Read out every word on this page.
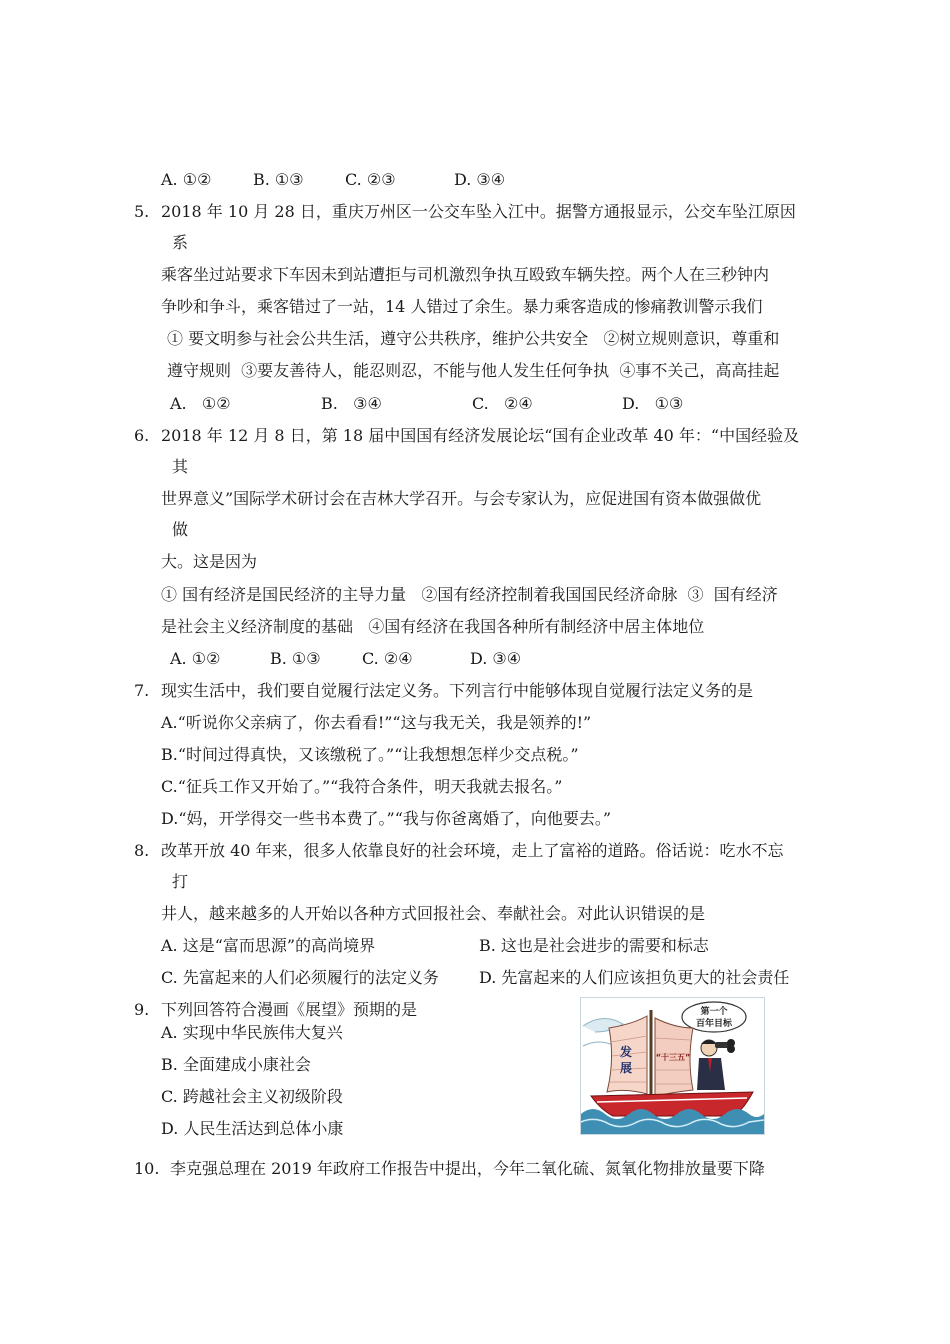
A. ①②	B. ①③	C. ②③	D. ③④
5. 2018 年 10 月 28 日，重庆万州区一公交车坠入江中。据警方通报显示，公交车坠江原因
系
乘客坐过站要求下车因未到站遭拒与司机激烈争执互殴致车辆失控。两个人在三秒钟内
争吵和争斗，乘客错过了一站，14 人错过了余生。暴力乘客造成的惨痛教训警示我们
① 要文明参与社会公共生活，遵守公共秩序，维护公共安全   ②树立规则意识，尊重和
遵守规则  ③要友善待人，能忍则忍，不能与他人发生任何争执  ④事不关己，高高挂起
A.   ①②	B.   ③④	C.   ②④	D.   ①③
6. 2018 年 12 月 8 日，第 18 届中国国有经济发展论坛“国有企业改革 40 年：“中国经验及
其
世界意义”国际学术研讨会在吉林大学召开。与会专家认为，应促进国有资本做强做优
做
大。这是因为
① 国有经济是国民经济的主导力量   ②国有经济控制着我国国民经济命脉  ③  国有经济
是社会主义经济制度的基础   ④国有经济在我国各种所有制经济中居主体地位
A. ①②	B. ①③	C. ②④	D. ③④
7. 现实生活中，我们要自觉履行法定义务。下列言行中能够体现自觉履行法定义务的是
A.“听说你父亲病了，你去看看!”“这与我无关，我是领养的!”
B.“时间过得真快，又该缴税了。”“让我想想怎样少交点税。”
C.“征兵工作又开始了。”“我符合条件，明天我就去报名。”
D.“妈，开学得交一些书本费了。”“我与你爸离婚了，向他要去。”
8. 改革开放 40 年来，很多人依靠良好的社会环境，走上了富裕的道路。俗话说：吃水不忘
打
井人，越来越多的人开始以各种方式回报社会、奉献社会。对此认识错误的是
A. 这是“富而思源”的高尚境界	B. 这也是社会进步的需要和标志
C. 先富起来的人们必须履行的法定义务	D. 先富起来的人们应该担负更大的社会责任
9. 下列回答符合漫画《展望》预期的是
A. 实现中华民族伟大复兴
B. 全面建成小康社会
C. 跨越社会主义初级阶段
D. 人民生活达到总体小康
第一个
百年目标
发
展
“十三五”
10. 李克强总理在 2019 年政府工作报告中提出，今年二氧化硫、氮氧化物排放量要下降
